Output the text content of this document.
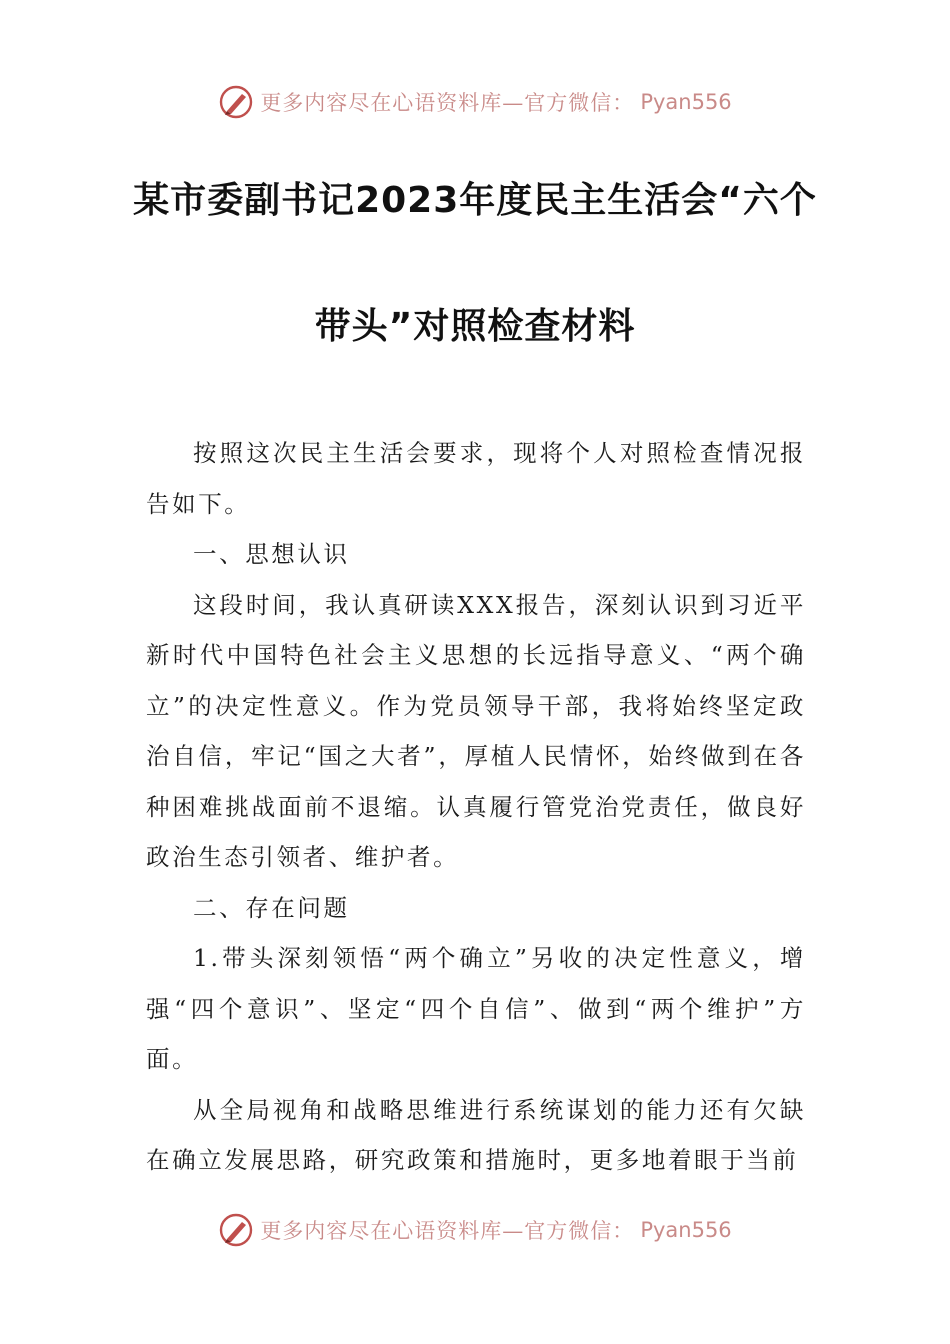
更多内容尽在心语资料库—官方微信： Pyan556
某市委副书记2023年度民主生活会“六个
带头”对照检查材料

按照这次民主生活会要求，现将个人对照检查情况报告如下。

一、思想认识

这段时间，我认真研读XXX报告，深刻认识到习近平新时代中国特色社会主义思想的长远指导意义、“两个确立”的决定性意义。作为党员领导干部，我将始终坚定政治自信，牢记“国之大者”，厚植人民情怀，始终做到在各种困难挑战面前不退缩。认真履行管党治党责任，做良好政治生态引领者、维护者。

二、存在问题

1.带头深刻领悟“两个确立”另收的决定性意义，增强“四个意识”、坚定“四个自信”、做到“两个维护”方面。

从全局视角和战略思维进行系统谋划的能力还有欠缺在确立发展思路，研究政策和措施时，更多地着眼于当前

更多内容尽在心语资料库—官方微信： Pyan556
